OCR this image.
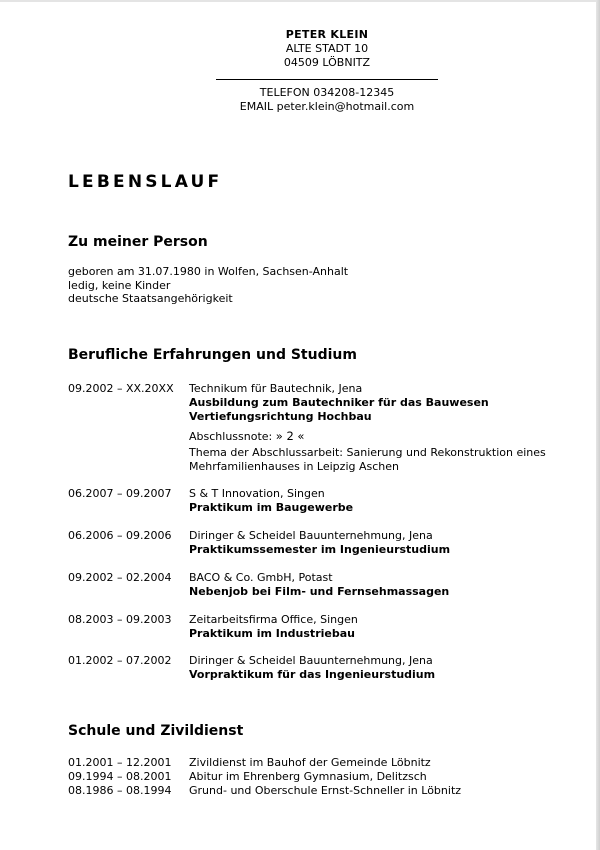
PETER KLEIN
ALTE STADT 10
04509 LÖBNITZ
TELEFON 034208-12345
EMAIL peter.klein@hotmail.com
LEBENSLAUF
Zu meiner Person
geboren am 31.07.1980 in Wolfen, Sachsen-Anhalt
ledig, keine Kinder
deutsche Staatsangehörigkeit
Berufliche Erfahrungen und Studium
09.2002 – XX.20XX Technikum für Bautechnik, Jena
Ausbildung zum Bautechniker für das Bauwesen Vertiefungsrichtung Hochbau
Abschlussnote: » 2 «
Thema der Abschlussarbeit: Sanierung und Rekonstruktion eines Mehrfamilienhauses in Leipzig Aschen
06.2007 – 09.2007 S & T Innovation, Singen
Praktikum im Baugewerbe
06.2006 – 09.2006 Diringer & Scheidel Bauunternehmung, Jena
Praktikumssemester im Ingenieurstudium
09.2002 – 02.2004 BACO & Co. GmbH, Potast
Nebenjob bei Film- und Fernsehmassagen
08.2003 – 09.2003 Zeitarbeitsfirma Office, Singen
Praktikum im Industriebau
01.2002 – 07.2002 Diringer & Scheidel Bauunternehmung, Jena
Vorpraktikum für das Ingenieurstudium
Schule und Zivildienst
01.2001 – 12.2001 Zivildienst im Bauhof der Gemeinde Löbnitz
09.1994 – 08.2001 Abitur im Ehrenberg Gymnasium, Delitzsch
08.1986 – 08.1994 Grund- und Oberschule Ernst-Schneller in Löbnitz
